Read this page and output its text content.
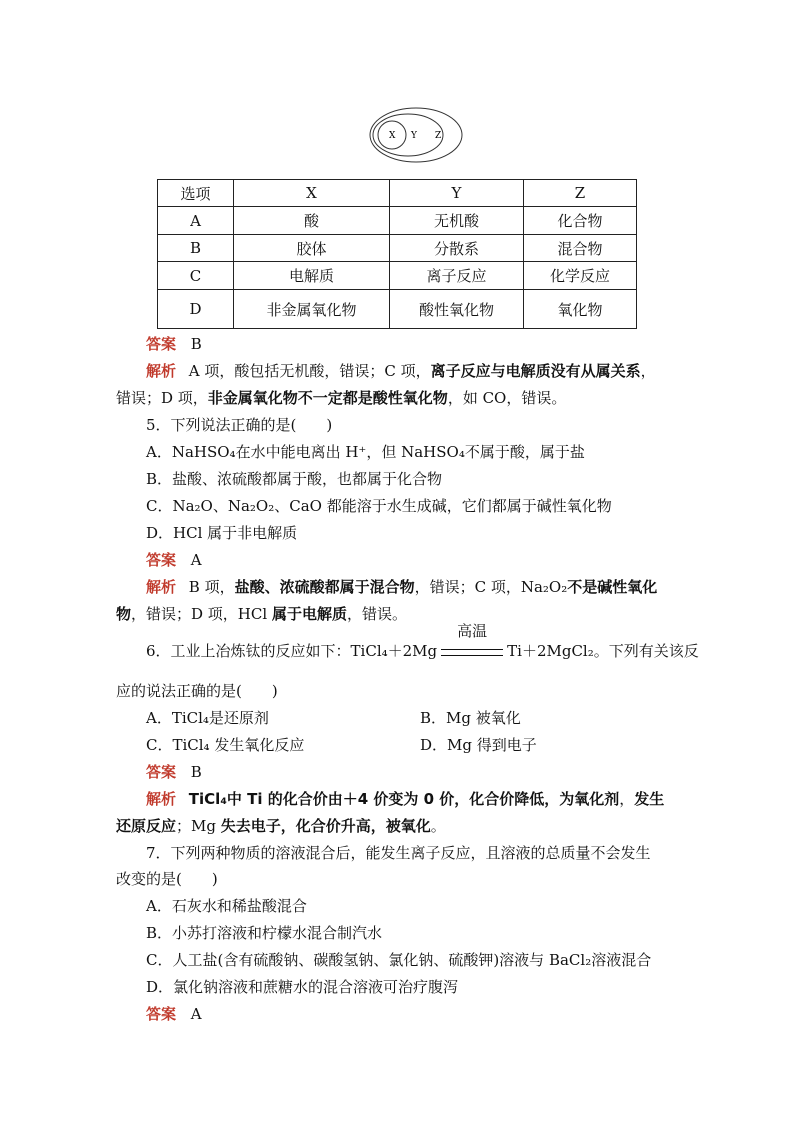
X Y Z
选项	X	Y	Z
A	酸	无机酸	化合物
B	胶体	分散系	混合物
C	电解质	离子反应	化学反应
D	非金属氧化物	酸性氧化物	氧化物
答案 B
解析 A 项，酸包括无机酸，错误；C 项，离子反应与电解质没有从属关系，
错误；D 项，非金属氧化物不一定都是酸性氧化物，如 CO，错误。
5．下列说法正确的是(　　)
A．NaHSO₄在水中能电离出 H⁺，但 NaHSO₄不属于酸，属于盐
B．盐酸、浓硫酸都属于酸，也都属于化合物
C．Na₂O、Na₂O₂、CaO 都能溶于水生成碱，它们都属于碱性氧化物
D．HCl 属于非电解质
答案 A
解析 B 项，盐酸、浓硫酸都属于混合物，错误；C 项，Na₂O₂不是碱性氧化
物，错误；D 项，HCl 属于电解质，错误。
6．工业上冶炼钛的反应如下：TiCl₄＋2Mg
高温
Ti＋2MgCl₂。下列有关该反
应的说法正确的是(　　)
A．TiCl₄是还原剂	B．Mg 被氧化
C．TiCl₄ 发生氧化反应	D．Mg 得到电子
答案 B
解析 TiCl₄中 Ti 的化合价由＋4 价变为 0 价，化合价降低，为氧化剂，发生
还原反应；Mg 失去电子，化合价升高，被氧化。
7．下列两种物质的溶液混合后，能发生离子反应，且溶液的总质量不会发生
改变的是(　　)
A．石灰水和稀盐酸混合
B．小苏打溶液和柠檬水混合制汽水
C．人工盐(含有硫酸钠、碳酸氢钠、氯化钠、硫酸钾)溶液与 BaCl₂溶液混合
D．氯化钠溶液和蔗糖水的混合溶液可治疗腹泻
答案 A
